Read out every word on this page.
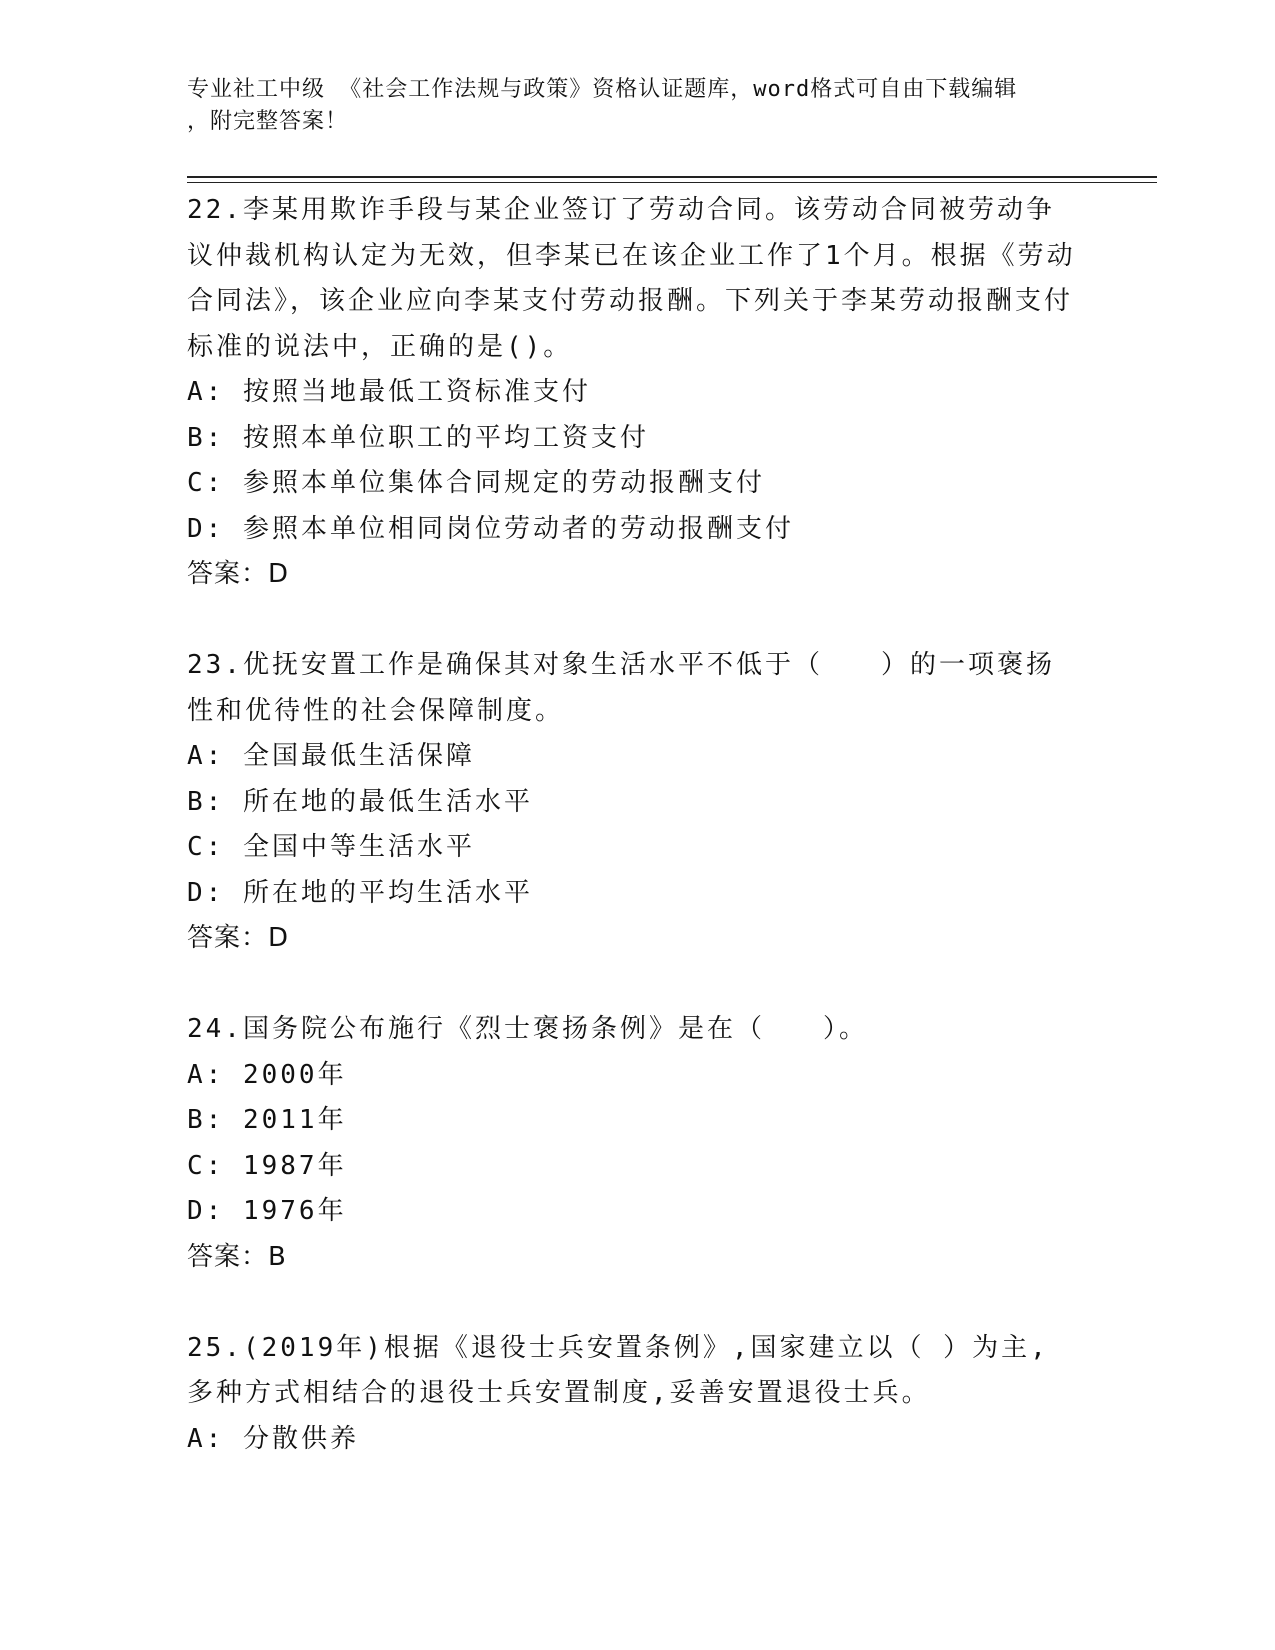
专业社工中级 《社会工作法规与政策》资格认证题库，word格式可自由下载编辑
，附完整答案！
22.李某用欺诈手段与某企业签订了劳动合同。该劳动合同被劳动争议仲裁机构认定为无效，但李某已在该企业工作了1个月。根据《劳动合同法》，该企业应向李某支付劳动报酬。下列关于李某劳动报酬支付标准的说法中，正确的是()。
A: 按照当地最低工资标准支付
B: 按照本单位职工的平均工资支付
C: 参照本单位集体合同规定的劳动报酬支付
D: 参照本单位相同岗位劳动者的劳动报酬支付
答案：D
23.优抚安置工作是确保其对象生活水平不低于（　　）的一项褒扬性和优待性的社会保障制度。
A: 全国最低生活保障
B: 所在地的最低生活水平
C: 全国中等生活水平
D: 所在地的平均生活水平
答案：D
24.国务院公布施行《烈士褒扬条例》是在（　　）。
A: 2000年
B: 2011年
C: 1987年
D: 1976年
答案：B
25.(2019年)根据《退役士兵安置条例》,国家建立以（ ）为主,多种方式相结合的退役士兵安置制度,妥善安置退役士兵。
A: 分散供养
